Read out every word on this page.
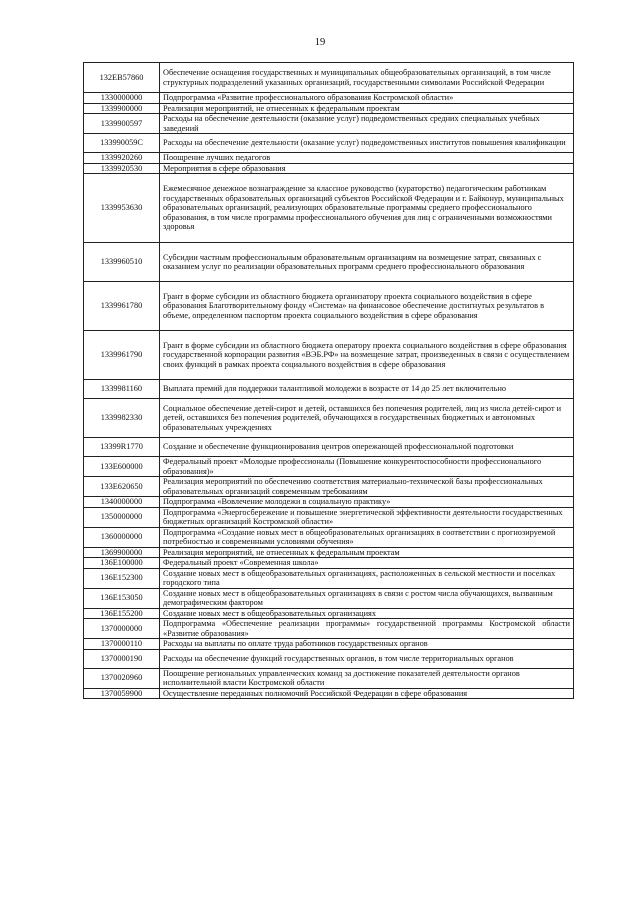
19
132EB57860	Обеспечение оснащения государственных и муниципальных общеобразовательных организаций, в том числе структурных подразделений указанных организаций, государственными символами Российской Федерации
1330000000	Подпрограмма «Развитие профессионального образования Костромской области»
1339900000	Реализация мероприятий, не отнесенных к федеральным проектам
1339900597	Расходы на обеспечение деятельности (оказание услуг) подведомственных средних специальных учебных заведений
133990059С	Расходы на обеспечение деятельности (оказание услуг) подведомственных институтов повышения квалификации
1339920260	Поощрение лучших педагогов
1339920530	Мероприятия в сфере образования
1339953630	Ежемесячное денежное вознаграждение за классное руководство (кураторство) педагогическим работникам государственных образовательных организаций субъектов Российской Федерации и г. Байконур, муниципальных образовательных организаций, реализующих образовательные программы среднего профессионального образования, в том числе программы профессионального обучения для лиц с ограниченными возможностями здоровья
1339960510	Субсидии частным профессиональным образовательным организациям на возмещение затрат, связанных с оказанием услуг по реализации образовательных программ среднего профессионального образования
1339961780	Грант в форме субсидии из областного бюджета организатору проекта социального воздействия в сфере образования Благотворительному фонду «Система» на финансовое обеспечение достигнутых результатов в объеме, определенном паспортом проекта социального воздействия в сфере образования
1339961790	Грант в форме субсидии из областного бюджета оператору проекта социального воздействия в сфере образования государственной корпорации развития «ВЭБ.РФ» на возмещение затрат, произведенных в связи с осуществлением своих функций в рамках проекта социального воздействия в сфере образования
1339981160	Выплата премий для поддержки талантливой молодежи в возрасте от 14 до 25 лет включительно
1339982330	Социальное обеспечение детей-сирот и детей, оставшихся без попечения родителей, лиц из числа детей-сирот и детей, оставшихся без попечения родителей, обучающихся в государственных бюджетных и автономных образовательных учреждениях
13399R1770	Создание и обеспечение функционирования центров опережающей профессиональной подготовки
133E600000	Федеральный проект «Молодые профессионалы (Повышение конкурентоспособности профессионального образования)»
133E620650	Реализация мероприятий по обеспечению соответствия материально-технической базы профессиональных образовательных организаций современным требованиям
1340000000	Подпрограмма «Вовлечение молодежи в социальную практику»
1350000000	Подпрограмма «Энергосбережение и повышение энергетической эффективности деятельности государственных бюджетных организаций Костромской области»
1360000000	Подпрограмма «Создание новых мест в общеобразовательных организациях в соответствии с прогнозируемой потребностью и современными условиями обучения»
1369900000	Реализация мероприятий, не отнесенных к федеральным проектам
136E100000	Федеральный проект «Современная школа»
136E152300	Создание новых мест в общеобразовательных организациях, расположенных в сельской местности и поселках городского типа
136E153050	Создание новых мест в общеобразовательных организациях в связи с ростом числа обучающихся, вызванным демографическим фактором
136E155200	Создание новых мест в общеобразовательных организациях
1370000000	Подпрограмма «Обеспечение реализации программы» государственной программы Костромской области «Развитие образования»
1370000110	Расходы на выплаты по оплате труда работников государственных органов
1370000190	Расходы на обеспечение функций государственных органов, в том числе территориальных органов
1370020960	Поощрение региональных управленческих команд за достижение показателей деятельности органов исполнительной власти Костромской области
1370059900	Осуществление переданных полномочий Российской Федерации в сфере образования
